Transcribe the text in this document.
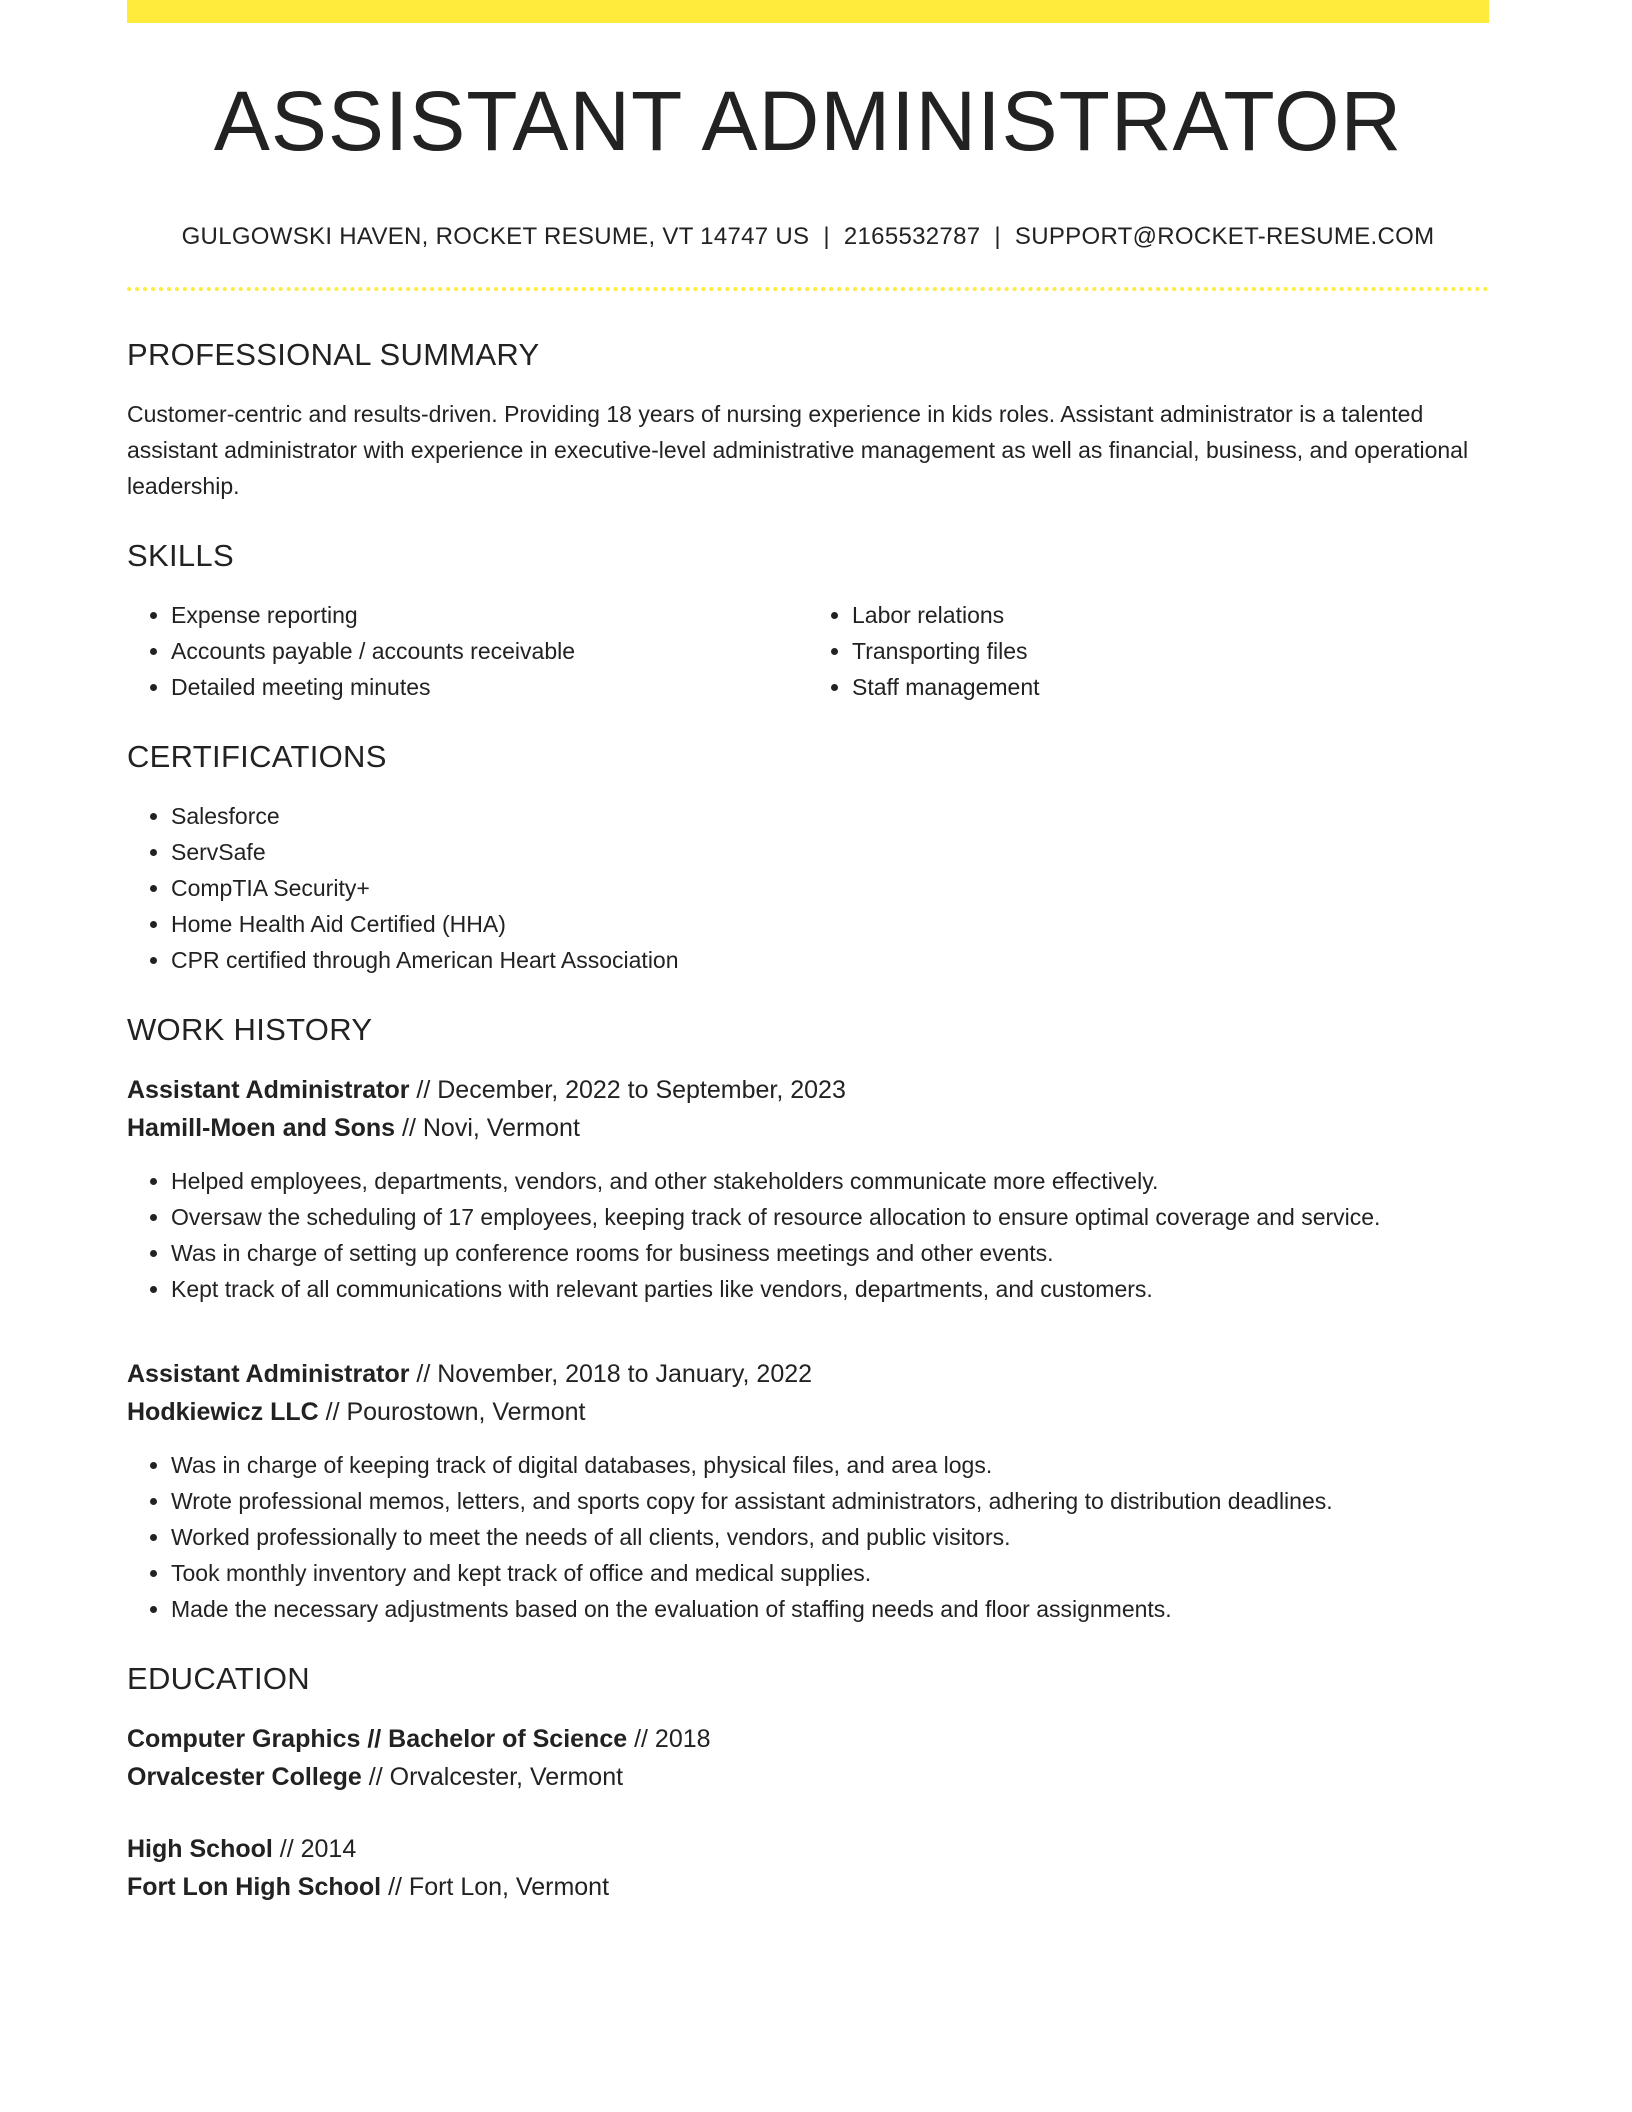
ASSISTANT ADMINISTRATOR
GULGOWSKI HAVEN, ROCKET RESUME, VT 14747 US | 2165532787 | SUPPORT@ROCKET-RESUME.COM
PROFESSIONAL SUMMARY
Customer-centric and results-driven. Providing 18 years of nursing experience in kids roles. Assistant administrator is a talented assistant administrator with experience in executive-level administrative management as well as financial, business, and operational leadership.
SKILLS
• Expense reporting
• Accounts payable / accounts receivable
• Detailed meeting minutes
• Labor relations
• Transporting files
• Staff management
CERTIFICATIONS
• Salesforce
• ServSafe
• CompTIA Security+
• Home Health Aid Certified (HHA)
• CPR certified through American Heart Association
WORK HISTORY
Assistant Administrator // December, 2022 to September, 2023
Hamill-Moen and Sons // Novi, Vermont
• Helped employees, departments, vendors, and other stakeholders communicate more effectively.
• Oversaw the scheduling of 17 employees, keeping track of resource allocation to ensure optimal coverage and service.
• Was in charge of setting up conference rooms for business meetings and other events.
• Kept track of all communications with relevant parties like vendors, departments, and customers.
Assistant Administrator // November, 2018 to January, 2022
Hodkiewicz LLC // Pourostown, Vermont
• Was in charge of keeping track of digital databases, physical files, and area logs.
• Wrote professional memos, letters, and sports copy for assistant administrators, adhering to distribution deadlines.
• Worked professionally to meet the needs of all clients, vendors, and public visitors.
• Took monthly inventory and kept track of office and medical supplies.
• Made the necessary adjustments based on the evaluation of staffing needs and floor assignments.
EDUCATION
Computer Graphics // Bachelor of Science // 2018
Orvalcester College // Orvalcester, Vermont
High School // 2014
Fort Lon High School // Fort Lon, Vermont
